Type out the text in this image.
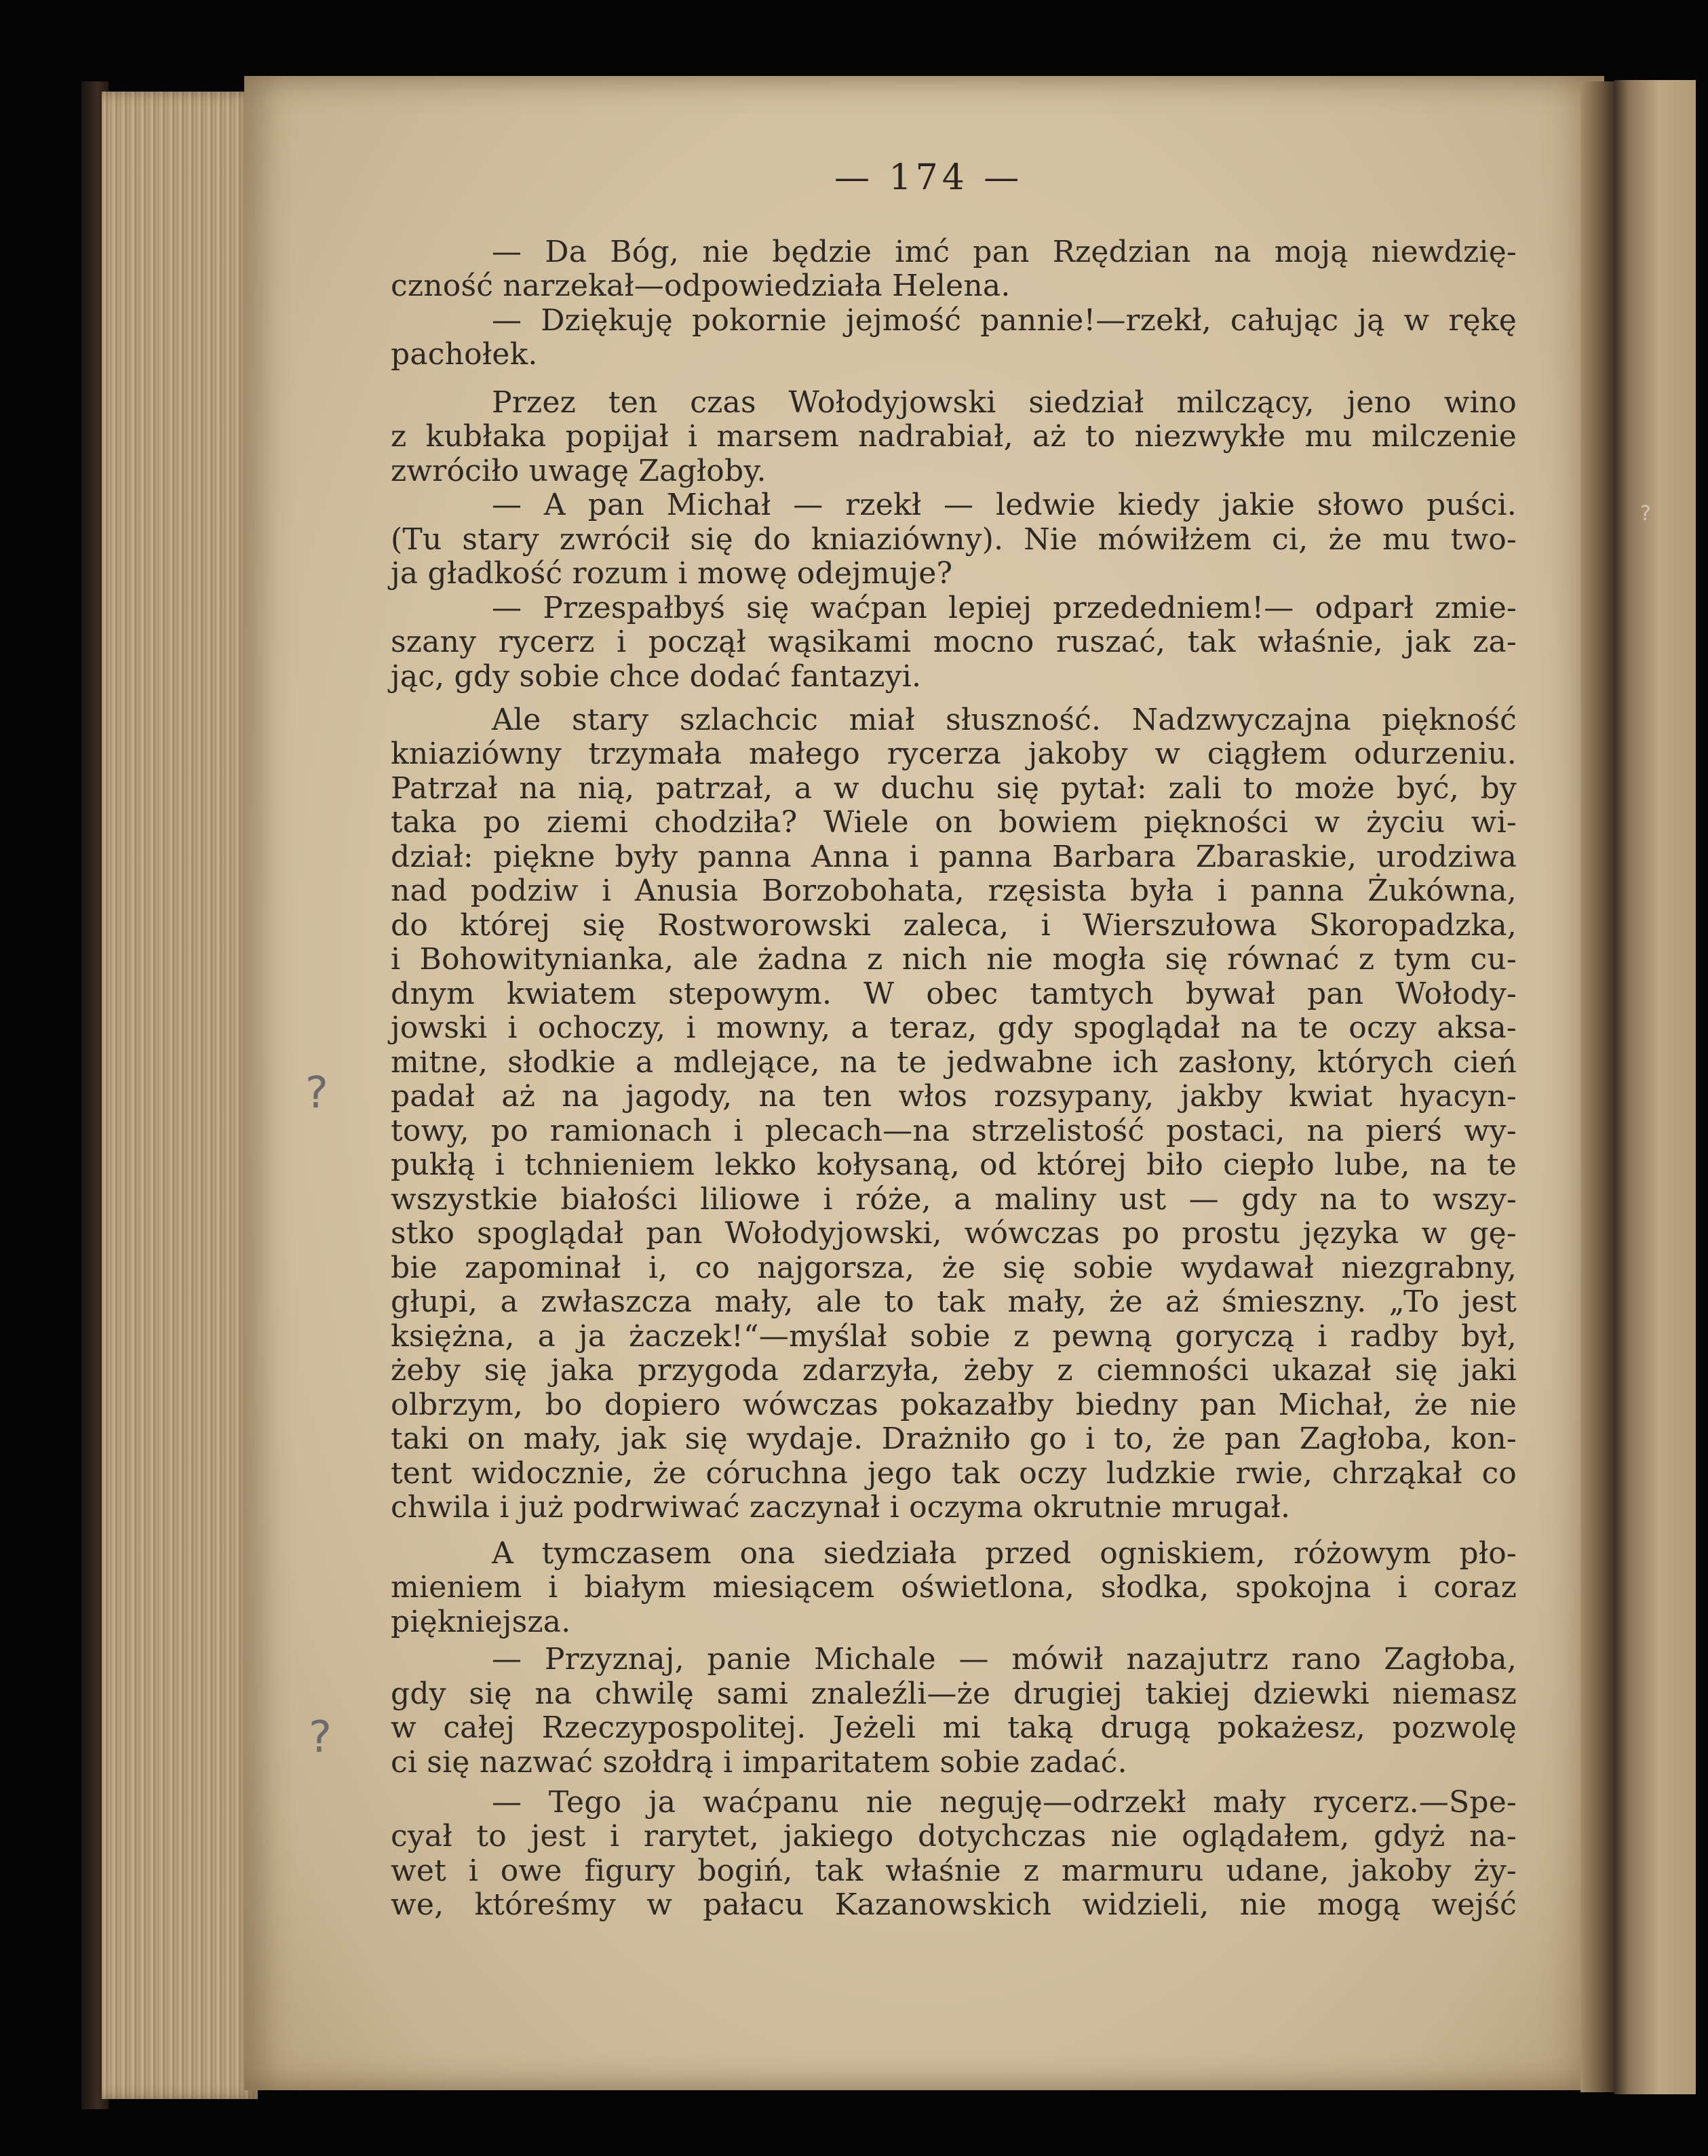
— 174 —
— Da Bóg, nie będzie imć pan Rzędzian na moją niewdzię-
czność narzekał—odpowiedziała Helena.
— Dziękuję pokornie jejmość pannie!—rzekł, całując ją w rękę
pachołek.
Przez ten czas Wołodyjowski siedział milczący, jeno wino
z kubłaka popijał i marsem nadrabiał, aż to niezwykłe mu milczenie
zwróciło uwagę Zagłoby.
— A pan Michał — rzekł — ledwie kiedy jakie słowo puści.
(Tu stary zwrócił się do kniaziówny). Nie mówiłżem ci, że mu two-
ja gładkość rozum i mowę odejmuje?
— Przespałbyś się waćpan lepiej przededniem!— odparł zmie-
szany rycerz i począł wąsikami mocno ruszać, tak właśnie, jak za-
jąc, gdy sobie chce dodać fantazyi.
Ale stary szlachcic miał słuszność. Nadzwyczajna piękność
kniaziówny trzymała małego rycerza jakoby w ciągłem odurzeniu.
Patrzał na nią, patrzał, a w duchu się pytał: zali to może być, by
taka po ziemi chodziła? Wiele on bowiem piękności w życiu wi-
dział: piękne były panna Anna i panna Barbara Zbaraskie, urodziwa
nad podziw i Anusia Borzobohata, rzęsista była i panna Żukówna,
do której się Rostworowski zaleca, i Wierszułowa Skoropadzka,
i Bohowitynianka, ale żadna z nich nie mogła się równać z tym cu-
dnym kwiatem stepowym. W obec tamtych bywał pan Wołody-
jowski i ochoczy, i mowny, a teraz, gdy spoglądał na te oczy aksa-
mitne, słodkie a mdlejące, na te jedwabne ich zasłony, których cień
padał aż na jagody, na ten włos rozsypany, jakby kwiat hyacyn-
towy, po ramionach i plecach—na strzelistość postaci, na pierś wy-
pukłą i tchnieniem lekko kołysaną, od której biło ciepło lube, na te
wszystkie białości liliowe i róże, a maliny ust — gdy na to wszy-
stko spoglądał pan Wołodyjowski, wówczas po prostu języka w gę-
bie zapominał i, co najgorsza, że się sobie wydawał niezgrabny,
głupi, a zwłaszcza mały, ale to tak mały, że aż śmieszny. „To jest
księżna, a ja żaczek!“—myślał sobie z pewną goryczą i radby był,
żeby się jaka przygoda zdarzyła, żeby z ciemności ukazał się jaki
olbrzym, bo dopiero wówczas pokazałby biedny pan Michał, że nie
taki on mały, jak się wydaje. Drażniło go i to, że pan Zagłoba, kon-
tent widocznie, że córuchna jego tak oczy ludzkie rwie, chrząkał co
chwila i już podrwiwać zaczynał i oczyma okrutnie mrugał.
A tymczasem ona siedziała przed ogniskiem, różowym pło-
mieniem i białym miesiącem oświetlona, słodka, spokojna i coraz
piękniejsza.
— Przyznaj, panie Michale — mówił nazajutrz rano Zagłoba,
gdy się na chwilę sami znaleźli—że drugiej takiej dziewki niemasz
w całej Rzeczypospolitej. Jeżeli mi taką drugą pokażesz, pozwolę
ci się nazwać szołdrą i imparitatem sobie zadać.
— Tego ja waćpanu nie neguję—odrzekł mały rycerz.—Spe-
cyał to jest i rarytet, jakiego dotychczas nie oglądałem, gdyż na-
wet i owe figury bogiń, tak właśnie z marmuru udane, jakoby ży-
we, któreśmy w pałacu Kazanowskich widzieli, nie mogą wejść
?
?
?
